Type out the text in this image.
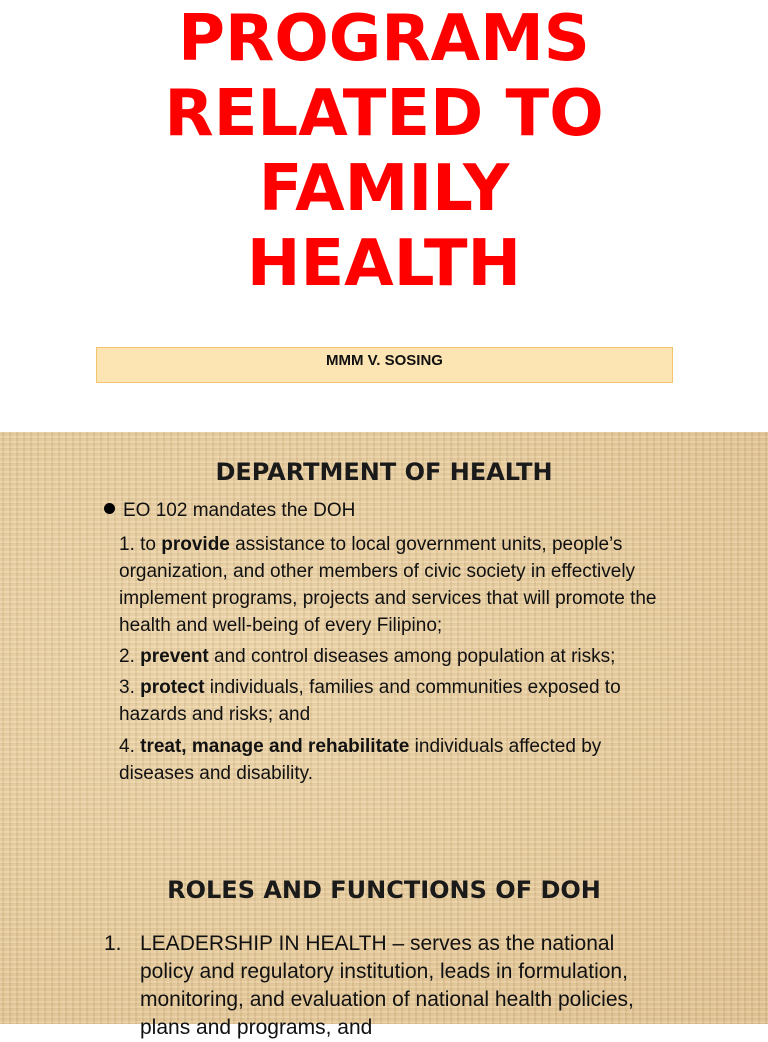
PROGRAMS
RELATED TO
FAMILY
HEALTH
MMM V. SOSING
DEPARTMENT OF HEALTH
EO 102 mandates the DOH

1. to provide assistance to local government units, people’s organization, and other members of civic society in effectively implement programs, projects and services that will promote the health and well-being of every Filipino;

2. prevent and control diseases among population at risks;

3. protect individuals, families and communities exposed to hazards and risks; and

4. treat, manage and rehabilitate individuals affected by diseases and disability.

ROLES AND FUNCTIONS OF DOH
1. LEADERSHIP IN HEALTH – serves as the national policy and regulatory institution, leads in formulation, monitoring, and evaluation of national health policies, plans and programs, and
